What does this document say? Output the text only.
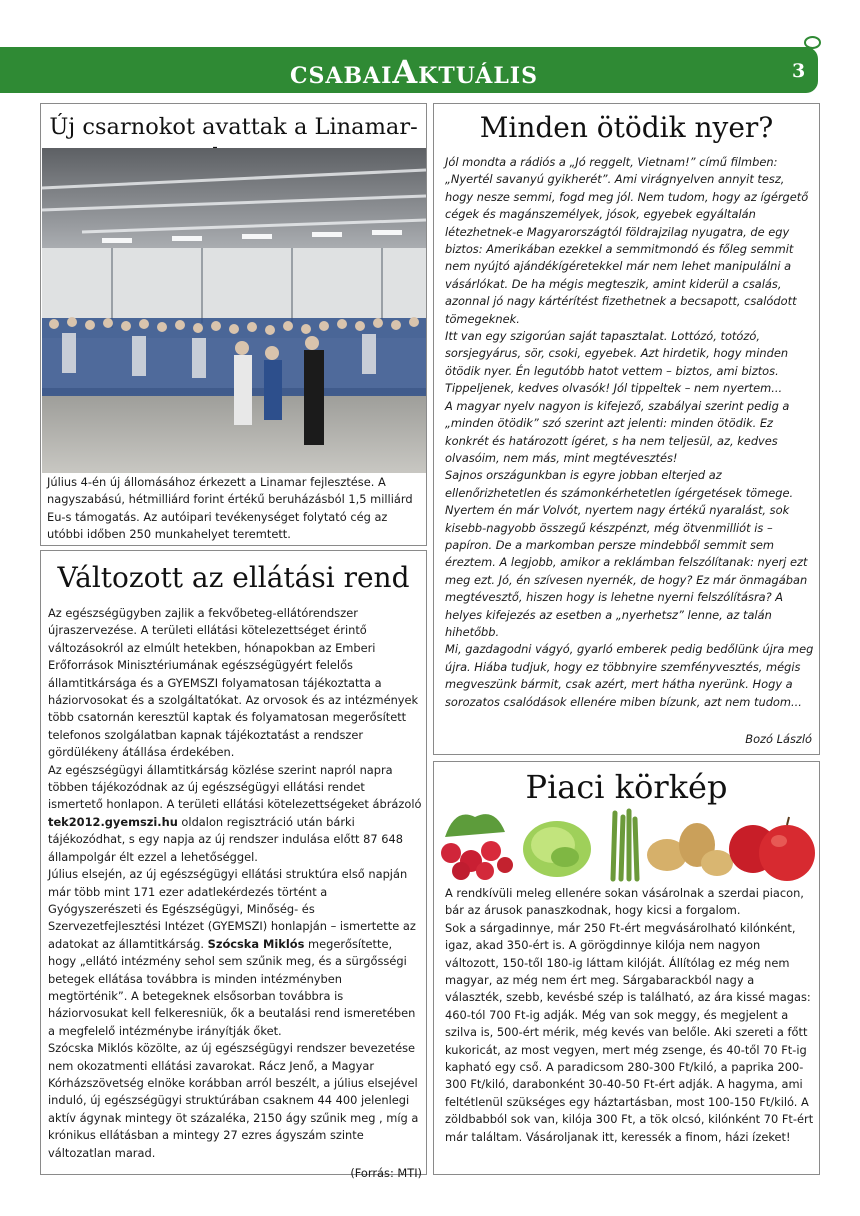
CSABAIAKTUÁLIS	3
Új csarnokot avattak a Linamar-
Július 4-én új állomásához érkezett a Linamar fejlesztése. A nagyszabású, hétmilliárd forint értékű beruházásból 1,5 milliárd Eu-s támogatás. Az autóipari tevékenységet folytató cég az utóbbi időben 250 munkahelyet teremtett.
Változott az ellátási rend

Az egészségügyben zajlik a fekvőbeteg-ellátórendszer újraszervezése. A területi ellátási kötelezettséget érintő változásokról az elmúlt hetekben, hónapokban az Emberi Erőforrások Minisztériumának egészségügyért felelős államtitkársága és a GYEMSZI folyamatosan tájékoztatta a háziorvosokat és a szolgáltatókat. Az orvosok és az intézmények több csatornán keresztül kaptak és folyamatosan megerősített telefonos szolgálatban kapnak tájékoztatást a rendszer gördülékeny átállása érdekében.

Az egészségügyi államtitkárság közlése szerint napról napra többen tájékozódnak az új egészségügyi ellátási rendet ismertető honlapon. A területi ellátási kötelezettségeket ábrázoló tek2012.gyemszi.hu oldalon regisztráció után bárki tájékozódhat, s egy napja az új rendszer indulása előtt 87 648 állampolgár élt ezzel a lehetőséggel.

Július elsején, az új egészségügyi ellátási struktúra első napján már több mint 171 ezer adatlekérdezés történt a Gyógyszerészeti és Egészségügyi, Minőség- és Szervezetfejlesztési Intézet (GYEMSZI) honlapján – ismertette az adatokat az államtitkárság. Szócska Miklós megerősítette, hogy „ellátó intézmény sehol sem szűnik meg, és a sürgősségi betegek ellátása továbbra is minden intézményben megtörténik”. A betegeknek elsősorban továbbra is háziorvosukat kell felkeresniük, ők a beutalási rend ismeretében a megfelelő intézménybe irányítják őket.

Szócska Miklós közölte, az új egészségügyi rendszer bevezetése nem okozatmenti ellátási zavarokat. Rácz Jenő, a Magyar Kórházszövetség elnöke korábban arról beszélt, a július elsejével induló, új egészségügyi struktúrában csaknem 44 400 jelenlegi aktív ágynak mintegy öt százaléka, 2150 ágy szűnik meg , míg a krónikus ellátásban a mintegy 27 ezres ágyszám szinte változatlan marad.

(Forrás: MTI)

Minden ötödik nyer?

Jól mondta a rádiós a „Jó reggelt, Vietnam!” című filmben: „Nyertél savanyú gyikherét”. Ami virágnyelven annyit tesz, hogy nesze semmi, fogd meg jól. Nem tudom, hogy az ígérgető cégek és magánszemélyek, jósok, egyebek egyáltalán létezhetnek-e Magyarországtól földrajzilag nyugatra, de egy biztos: Amerikában ezekkel a semmitmondó és főleg semmit nem nyújtó ajándékígéretekkel már nem lehet manipulálni a vásárlókat. De ha mégis megteszik, amint kiderül a csalás, azonnal jó nagy kártérítést fizethetnek a becsapott, csalódott tömegeknek.

Itt van egy szigorúan saját tapasztalat. Lottózó, totózó, sorsjegyárus, sör, csoki, egyebek. Azt hirdetik, hogy minden ötödik nyer. Én legutóbb hatot vettem – biztos, ami biztos. Tippeljenek, kedves olvasók! Jól tippeltek – nem nyertem...

A magyar nyelv nagyon is kifejező, szabályai szerint pedig a „minden ötödik” szó szerint azt jelenti: minden ötödik. Ez konkrét és határozott ígéret, s ha nem teljesül, az, kedves olvasóim, nem más, mint megtévesztés!

Sajnos országunkban is egyre jobban elterjed az ellenőrizhetetlen és számonkérhetetlen ígérgetések tömege. Nyertem én már Volvót, nyertem nagy értékű nyaralást, sok kisebb-nagyobb összegű készpénzt, még ötvenmilliót is – papíron. De a markomban persze mindebből semmit sem éreztem. A legjobb, amikor a reklámban felszólítanak: nyerj ezt meg ezt. Jó, én szívesen nyernék, de hogy? Ez már önmagában megtévesztő, hiszen hogy is lehetne nyerni felszólításra? A helyes kifejezés az esetben a „nyerhetsz” lenne, az talán hihetőbb.

Mi, gazdagodni vágyó, gyarló emberek pedig bedőlünk újra meg újra. Hiába tudjuk, hogy ez többnyire szemfényvesztés, mégis megveszünk bármit, csak azért, mert hátha nyerünk. Hogy a sorozatos csalódások ellenére miben bízunk, azt nem tudom...

Bozó László
Piaci körkép

A rendkívüli meleg ellenére sokan vásárolnak a szerdai piacon, bár az árusok panaszkodnak, hogy kicsi a forgalom.

Sok a sárgadinnye, már 250 Ft-ért megvásárolható kilónként, igaz, akad 350-ért is. A görögdinnye kilója nem nagyon változott, 150-től 180-ig láttam kilóját. Állítólag ez még nem magyar, az még nem ért meg. Sárgabarackból nagy a választék, szebb, kevésbé szép is található, az ára kissé magas: 460-tól 700 Ft-ig adják. Még van sok meggy, és megjelent a szilva is, 500-ért mérik, még kevés van belőle. Aki szereti a főtt kukoricát, az most vegyen, mert még zsenge, és 40-től 70 Ft-ig kapható egy cső. A paradicsom 280-300 Ft/kiló, a paprika 200-300 Ft/kiló, darabonként 30-40-50 Ft-ért adják. A hagyma, ami feltétlenül szükséges egy háztartásban, most 100-150 Ft/kiló. A zöldbabból sok van, kilója 300 Ft, a tök olcsó, kilónként 70 Ft-ért már találtam. Vásároljanak itt, keressék a finom, házi ízeket!
